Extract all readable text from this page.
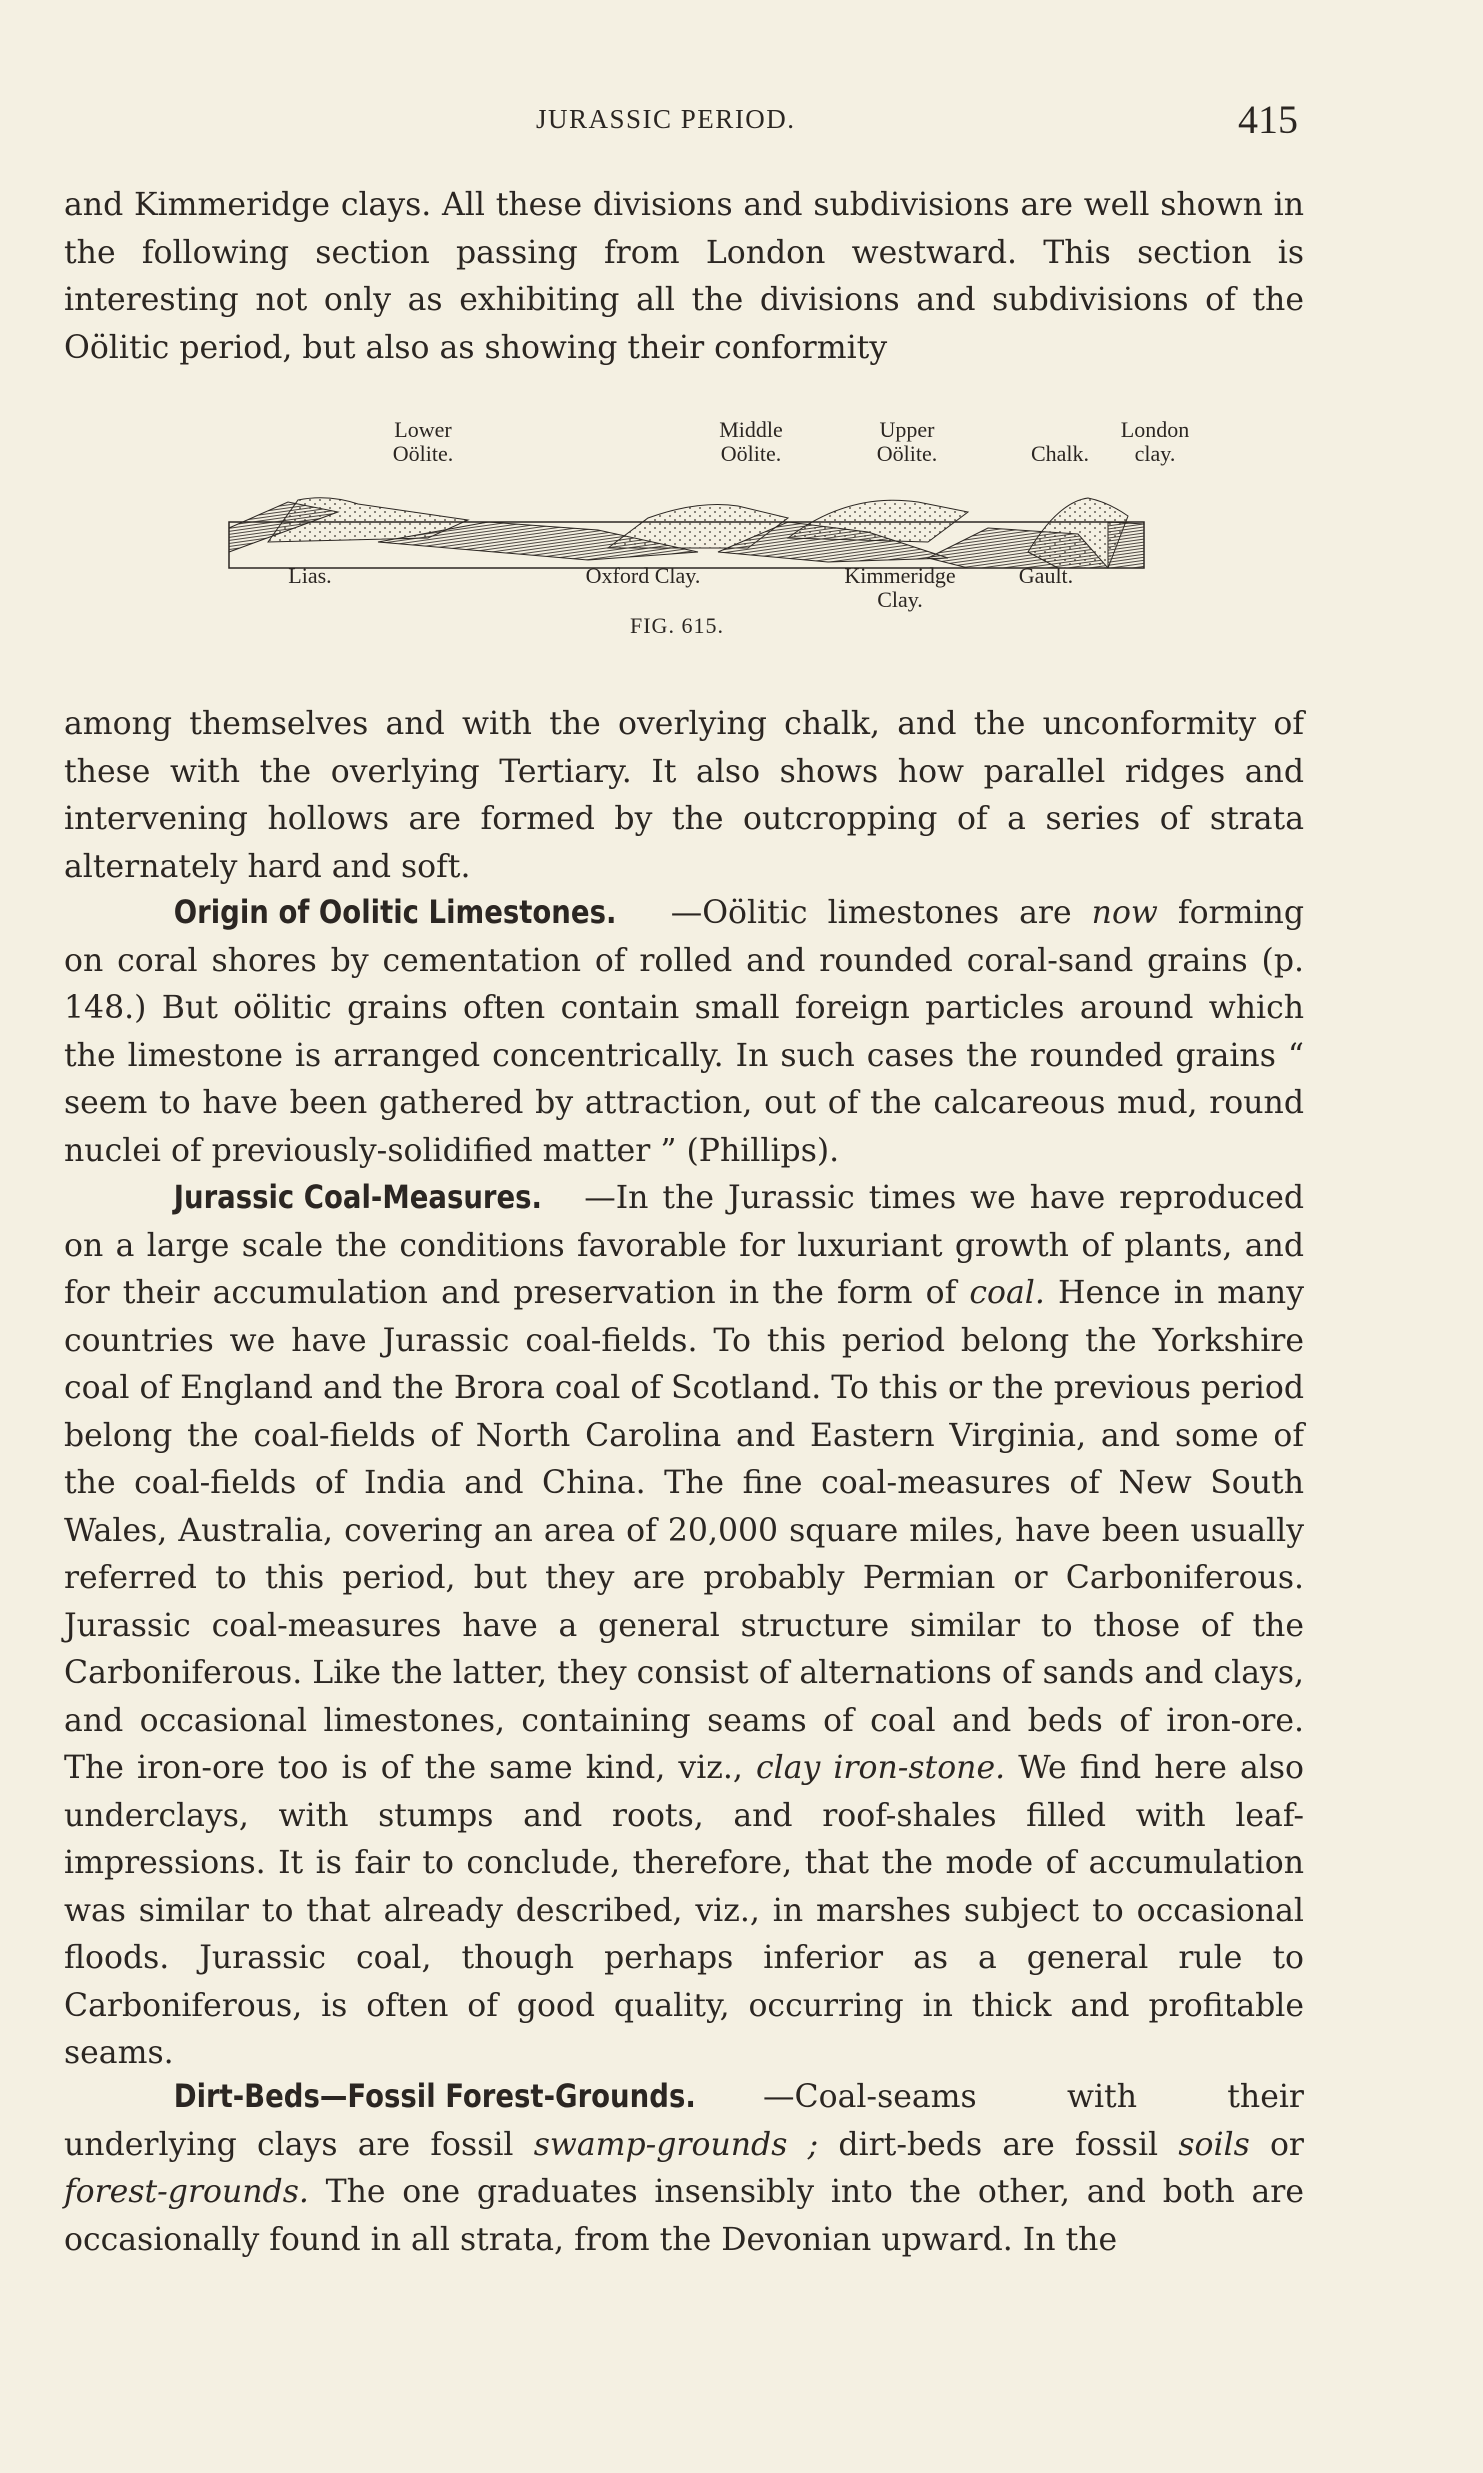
JURASSIC PERIOD.	415

and Kimmeridge clays. All these divisions and subdivisions are well shown in the following section passing from London westward. This section is interesting not only as exhibiting all the divisions and subdivisions of the Oölitic period, but also as showing their conformity

Lower
Oölite.
Middle
Oölite.
Upper
Oölite.	Chalk.
London
clay.
Lias.	Oxford Clay.	Kimmeridge
Clay.
Gault.
FIG. 615.

among themselves and with the overlying chalk, and the unconformity of these with the overlying Tertiary. It also shows how parallel ridges and intervening hollows are formed by the outcropping of a series of strata alternately hard and soft.

Origin of Oolitic Limestones. —Oölitic limestones are now forming on coral shores by cementation of rolled and rounded coral-sand grains (p. 148.) But oölitic grains often contain small foreign particles around which the limestone is arranged concentrically. In such cases the rounded grains “ seem to have been gathered by attraction, out of the calcareous mud, round nuclei of previously-solidified matter ” (Phillips).

Jurassic Coal-Measures. —In the Jurassic times we have reproduced on a large scale the conditions favorable for luxuriant growth of plants, and for their accumulation and preservation in the form of coal. Hence in many countries we have Jurassic coal-fields. To this period belong the Yorkshire coal of England and the Brora coal of Scotland. To this or the previous period belong the coal-fields of North Carolina and Eastern Virginia, and some of the coal-fields of India and China. The fine coal-measures of New South Wales, Australia, covering an area of 20,000 square miles, have been usually referred to this period, but they are probably Permian or Carboniferous. Jurassic coal-measures have a general structure similar to those of the Carboniferous. Like the latter, they consist of alternations of sands and clays, and occasional limestones, containing seams of coal and beds of iron-ore. The iron-ore too is of the same kind, viz., clay iron-stone. We find here also underclays, with stumps and roots, and roof-shales filled with leaf-impressions. It is fair to conclude, therefore, that the mode of accumulation was similar to that already described, viz., in marshes subject to occasional floods. Jurassic coal, though perhaps inferior as a general rule to Carboniferous, is often of good quality, occurring in thick and profitable seams.

Dirt-Beds—Fossil Forest-Grounds. —Coal-seams with their underlying clays are fossil swamp-grounds ; dirt-beds are fossil soils or forest-grounds. The one graduates insensibly into the other, and both are occasionally found in all strata, from the Devonian upward. In the
